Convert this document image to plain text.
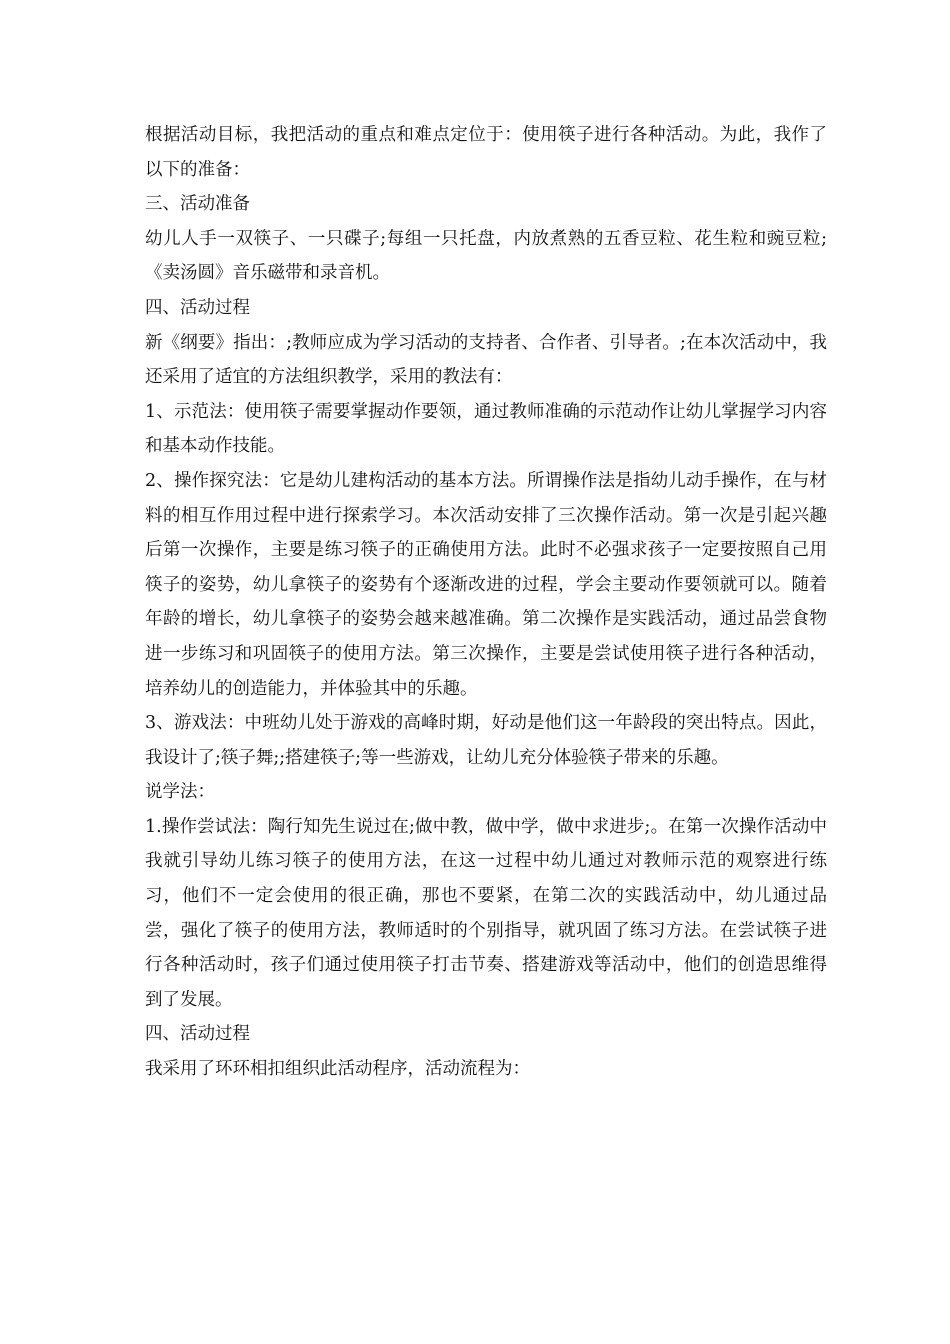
根据活动目标，我把活动的重点和难点定位于：使用筷子进行各种活动。为此，我作了以下的准备：

三、活动准备

幼儿人手一双筷子、一只碟子;每组一只托盘，内放煮熟的五香豆粒、花生粒和豌豆粒;《卖汤圆》音乐磁带和录音机。

四、活动过程

新《纲要》指出：;教师应成为学习活动的支持者、合作者、引导者。;在本次活动中，我还采用了适宜的方法组织教学，采用的教法有：

1、示范法：使用筷子需要掌握动作要领，通过教师准确的示范动作让幼儿掌握学习内容和基本动作技能。

2、操作探究法：它是幼儿建构活动的基本方法。所谓操作法是指幼儿动手操作，在与材料的相互作用过程中进行探索学习。本次活动安排了三次操作活动。第一次是引起兴趣后第一次操作，主要是练习筷子的正确使用方法。此时不必强求孩子一定要按照自己用筷子的姿势，幼儿拿筷子的姿势有个逐渐改进的过程，学会主要动作要领就可以。随着年龄的增长，幼儿拿筷子的姿势会越来越准确。第二次操作是实践活动，通过品尝食物进一步练习和巩固筷子的使用方法。第三次操作，主要是尝试使用筷子进行各种活动，培养幼儿的创造能力，并体验其中的乐趣。

3、游戏法：中班幼儿处于游戏的高峰时期，好动是他们这一年龄段的突出特点。因此，我设计了;筷子舞;;搭建筷子;等一些游戏，让幼儿充分体验筷子带来的乐趣。

说学法：

1.操作尝试法：陶行知先生说过在;做中教，做中学，做中求进步;。在第一次操作活动中我就引导幼儿练习筷子的使用方法，在这一过程中幼儿通过对教师示范的观察进行练习，他们不一定会使用的很正确，那也不要紧，在第二次的实践活动中，幼儿通过品尝，强化了筷子的使用方法，教师适时的个别指导，就巩固了练习方法。在尝试筷子进行各种活动时，孩子们通过使用筷子打击节奏、搭建游戏等活动中，他们的创造思维得到了发展。

四、活动过程

我采用了环环相扣组织此活动程序，活动流程为：
